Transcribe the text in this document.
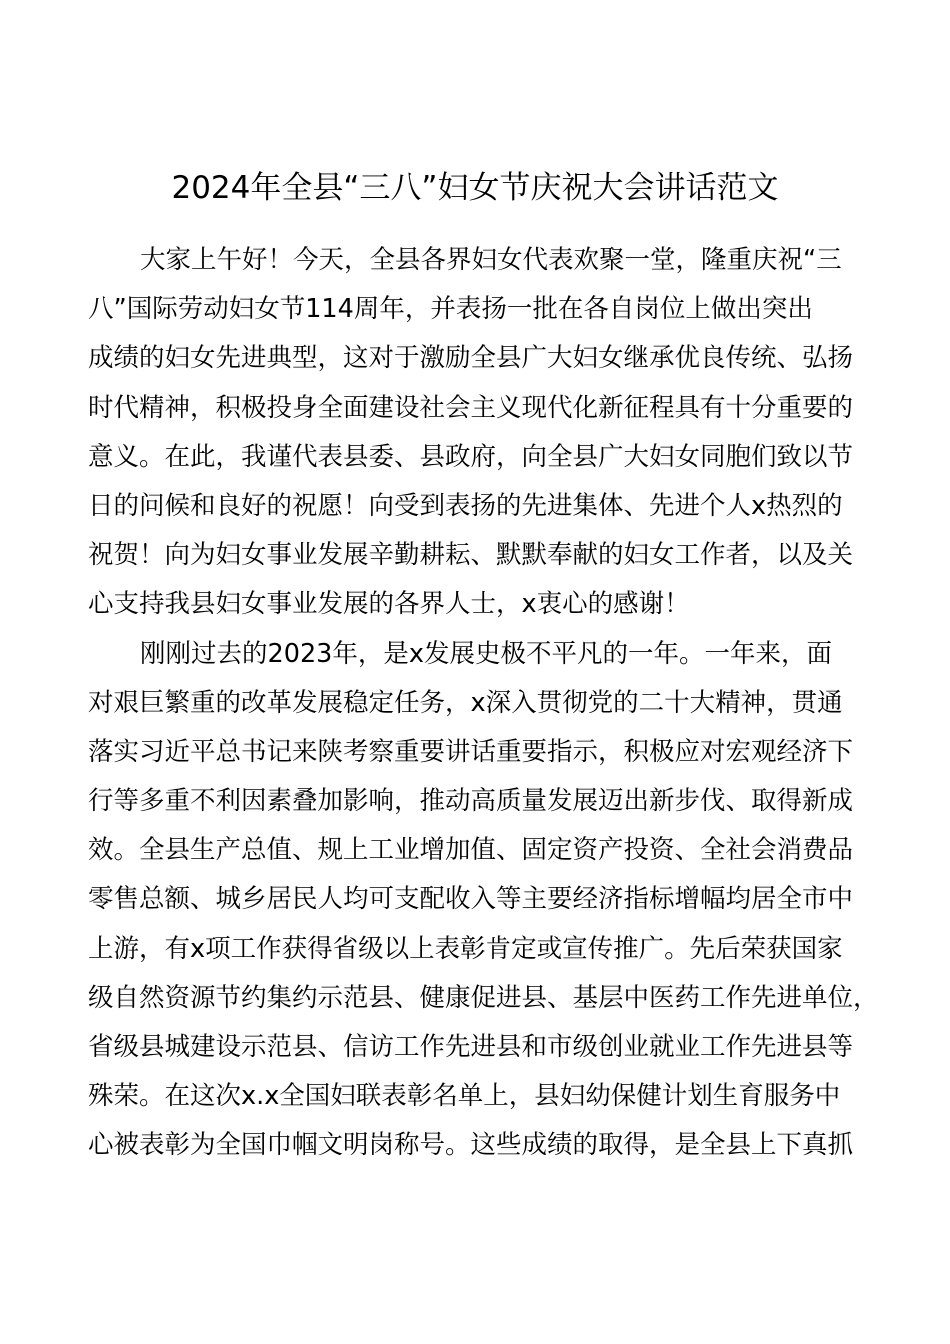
2024年全县“三八”妇女节庆祝大会讲话范文
大家上午好！今天，全县各界妇女代表欢聚一堂，隆重庆祝“三
八”国际劳动妇女节114周年，并表扬一批在各自岗位上做出突出
成绩的妇女先进典型，这对于激励全县广大妇女继承优良传统、弘扬
时代精神，积极投身全面建设社会主义现代化新征程具有十分重要的
意义。在此，我谨代表县委、县政府，向全县广大妇女同胞们致以节
日的问候和良好的祝愿！向受到表扬的先进集体、先进个人x热烈的
祝贺！向为妇女事业发展辛勤耕耘、默默奉献的妇女工作者，以及关
心支持我县妇女事业发展的各界人士，x衷心的感谢！
刚刚过去的2023年，是x发展史极不平凡的一年。一年来，面
对艰巨繁重的改革发展稳定任务，x深入贯彻党的二十大精神，贯通
落实习近平总书记来陕考察重要讲话重要指示，积极应对宏观经济下
行等多重不利因素叠加影响，推动高质量发展迈出新步伐、取得新成
效。全县生产总值、规上工业增加值、固定资产投资、全社会消费品
零售总额、城乡居民人均可支配收入等主要经济指标增幅均居全市中
上游，有x项工作获得省级以上表彰肯定或宣传推广。先后荣获国家
级自然资源节约集约示范县、健康促进县、基层中医药工作先进单位，
省级县城建设示范县、信访工作先进县和市级创业就业工作先进县等
殊荣。在这次x.x全国妇联表彰名单上，县妇幼保健计划生育服务中
心被表彰为全国巾帼文明岗称号。这些成绩的取得，是全县上下真抓
